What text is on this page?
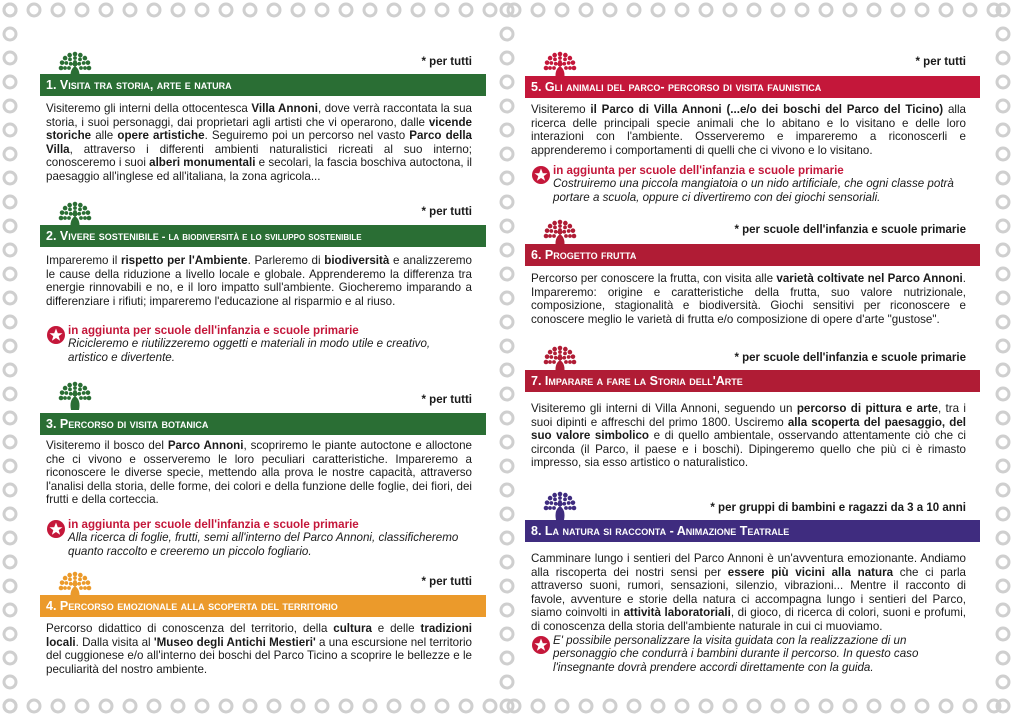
* per tutti
1. Visita tra storia, arte e natura
Visiteremo gli interni della ottocentesca Villa Annoni, dove verrà raccontata la sua storia, i suoi personaggi, dai proprietari agli artisti che vi operarono, dalle vicende storiche alle opere artistiche. Seguiremo poi un percorso nel vasto Parco della Villa, attraverso i differenti ambienti naturalistici ricreati al suo interno; conosceremo i suoi alberi monumentali e secolari, la fascia boschiva autoctona, il paesaggio all'inglese ed all'italiana, la zona agricola...
* per tutti
2. Vivere sostenibile - la biodiversità e lo sviluppo sostenibile
Impareremo il rispetto per l'Ambiente. Parleremo di biodiversità e analizzeremo le cause della riduzione a livello locale e globale. Apprenderemo la differenza tra energie rinnovabili e no, e il loro impatto sull'ambiente. Giocheremo imparando a differenziare i rifiuti; impareremo l'educazione al risparmio e al riuso.
in aggiunta per scuole dell'infanzia e scuole primarie
Ricicleremo e riutilizzeremo oggetti e materiali in modo utile e creativo, artistico e divertente.
* per tutti
3. Percorso di visita botanica
Visiteremo il bosco del Parco Annoni, scopriremo le piante autoctone e alloctone che ci vivono e osserveremo le loro peculiari caratteristiche. Impareremo a riconoscere le diverse specie, mettendo alla prova le nostre capacità, attraverso l'analisi della storia, delle forme, dei colori e della funzione delle foglie, dei fiori, dei frutti e della corteccia.
in aggiunta per scuole dell'infanzia e scuole primarie
Alla ricerca di foglie, frutti, semi all'interno del Parco Annoni, classificheremo quanto raccolto e creeremo un piccolo fogliario.
* per tutti
4. Percorso emozionale alla scoperta del territorio
Percorso didattico di conoscenza del territorio, della cultura e delle tradizioni locali. Dalla visita al 'Museo degli Antichi Mestieri' a una escursione nel territorio del cuggionese e/o all'interno dei boschi del Parco Ticino a scoprire le bellezze e le peculiarità del nostro ambiente.
* per tutti
5. Gli animali del parco- percorso di visita faunistica
Visiteremo il Parco di Villa Annoni (...e/o dei boschi del Parco del Ticino) alla ricerca delle principali specie animali che lo abitano e lo visitano e delle loro interazioni con l'ambiente. Osserveremo e impareremo a riconoscerli e apprenderemo i comportamenti di quelli che ci vivono e lo visitano.
in aggiunta per scuole dell'infanzia e scuole primarie
Costruiremo una piccola mangiatoia o un nido artificiale, che ogni classe potrà portare a scuola, oppure ci divertiremo con dei giochi sensoriali.
* per scuole dell'infanzia e scuole primarie
6. Progetto frutta
Percorso per conoscere la frutta, con visita alle varietà coltivate nel Parco Annoni. Impareremo: origine e caratteristiche della frutta, suo valore nutrizionale, composizione, stagionalità e biodiversità. Giochi sensitivi per riconoscere e conoscere meglio le varietà di frutta e/o composizione di opere d'arte "gustose".
* per scuole dell'infanzia e scuole primarie
7. Imparare a fare la Storia dell'Arte
Visiteremo gli interni di Villa Annoni, seguendo un percorso di pittura e arte, tra i suoi dipinti e affreschi del primo 1800. Usciremo alla scoperta del paesaggio, del suo valore simbolico e di quello ambientale, osservando attentamente ciò che ci circonda (il Parco, il paese e i boschi). Dipingeremo quello che più ci è rimasto impresso, sia esso artistico o naturalistico.
* per gruppi di bambini e ragazzi da 3 a 10 anni
8. La natura si racconta - Animazione Teatrale
Camminare lungo i sentieri del Parco Annoni è un'avventura emozionante. Andiamo alla riscoperta dei nostri sensi per essere più vicini alla natura che ci parla attraverso suoni, rumori, sensazioni, silenzio, vibrazioni... Mentre il racconto di favole, avventure e storie della natura ci accompagna lungo i sentieri del Parco, siamo coinvolti in attività laboratoriali, di gioco, di ricerca di colori, suoni e profumi, di conoscenza della storia dell'ambiente naturale in cui ci muoviamo.
E' possibile personalizzare la visita guidata con la realizzazione di un personaggio che condurrà i bambini durante il percorso. In questo caso l'insegnante dovrà prendere accordi direttamente con la guida.
